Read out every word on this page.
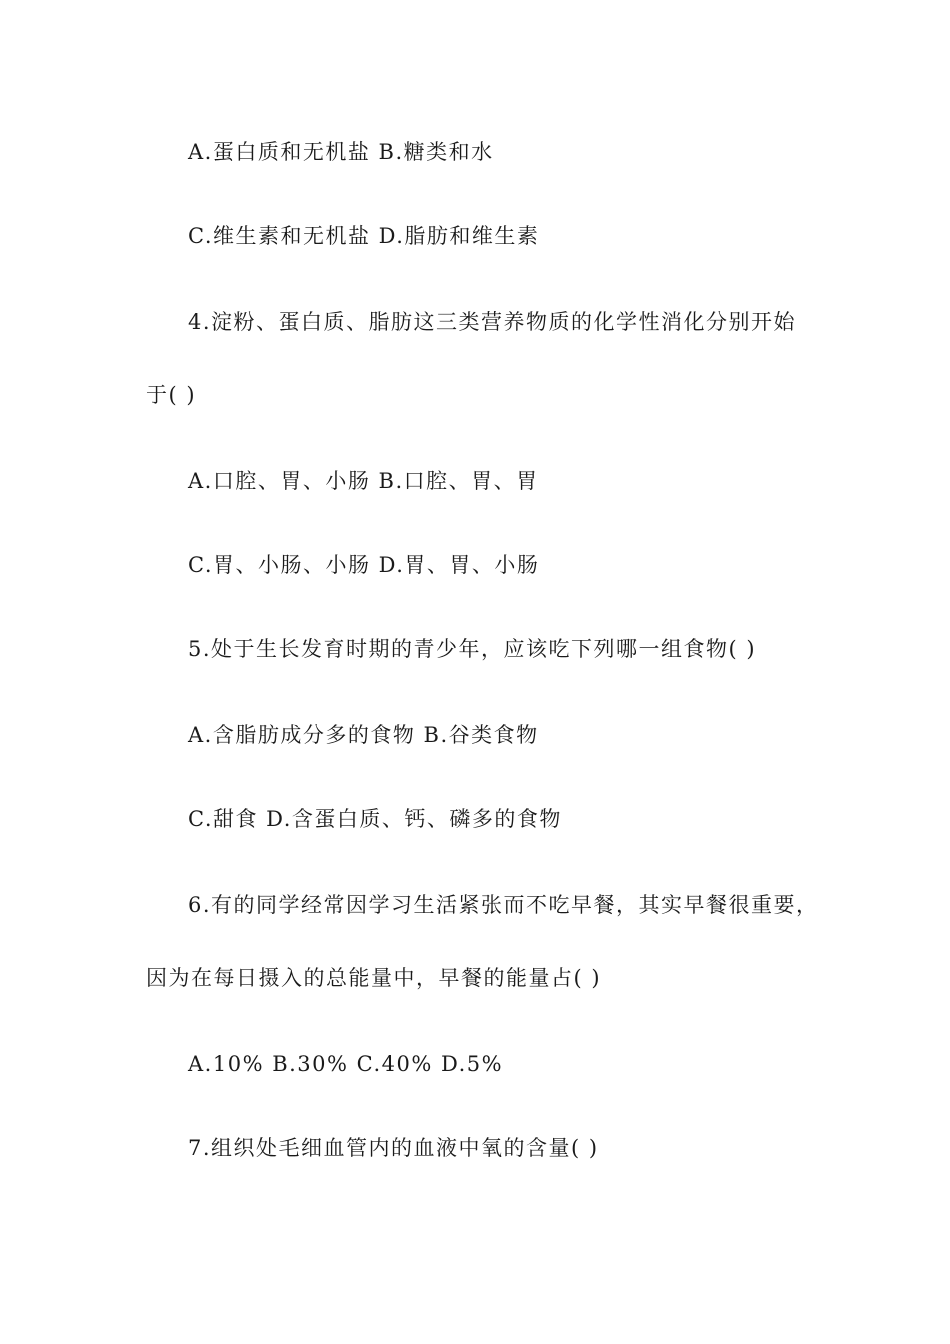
A.蛋白质和无机盐 B.糖类和水
C.维生素和无机盐 D.脂肪和维生素
4.淀粉、蛋白质、脂肪这三类营养物质的化学性消化分别开始
于( )
A.口腔、胃、小肠 B.口腔、胃、胃
C.胃、小肠、小肠 D.胃、胃、小肠
5.处于生长发育时期的青少年，应该吃下列哪一组食物( )
A.含脂肪成分多的食物 B.谷类食物
C.甜食 D.含蛋白质、钙、磷多的食物
6.有的同学经常因学习生活紧张而不吃早餐，其实早餐很重要，
因为在每日摄入的总能量中，早餐的能量占( )
A.10% B.30% C.40% D.5%
7.组织处毛细血管内的血液中氧的含量( )
